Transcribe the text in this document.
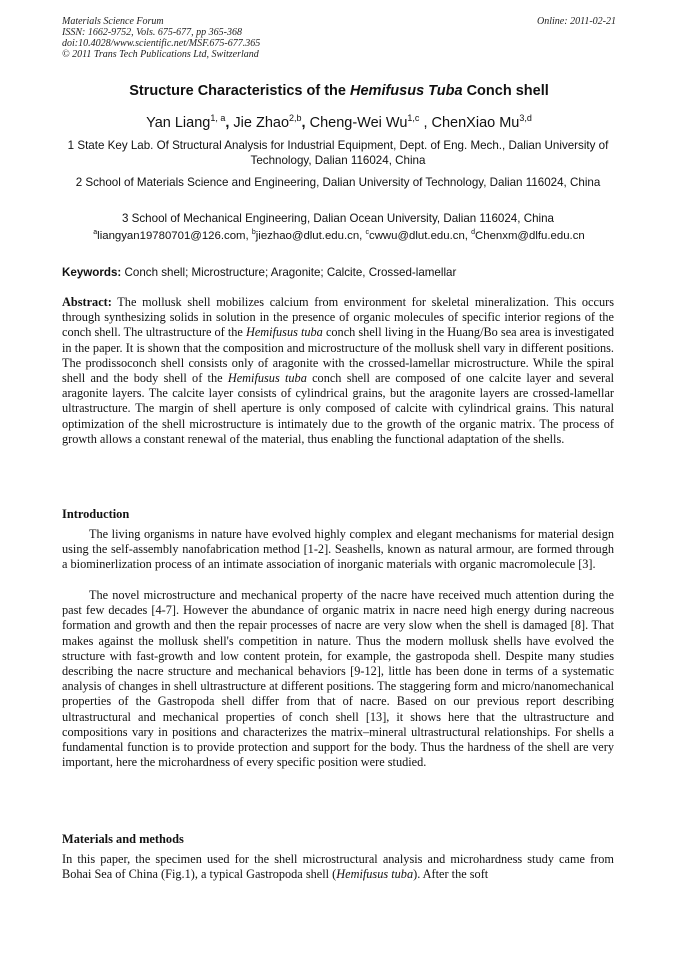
Materials Science Forum
ISSN: 1662-9752, Vols. 675-677, pp 365-368
doi:10.4028/www.scientific.net/MSF.675-677.365
© 2011 Trans Tech Publications Ltd, Switzerland
Online: 2011-02-21
Structure Characteristics of the Hemifusus Tuba Conch shell
Yan Liang$^{1, a}$, Jie Zhao$^{2,b}$, Cheng-Wei Wu$^{1,c}$ , ChenXiao Mu$^{3,d}$
1 State Key Lab. Of Structural Analysis for Industrial Equipment, Dept. of Eng. Mech., Dalian University of Technology, Dalian 116024, China
2 School of Materials Science and Engineering, Dalian University of Technology, Dalian 116024, China
3 School of Mechanical Engineering, Dalian Ocean University, Dalian 116024, China
$^a$liangyan19780701@126.com, $^b$jiezhao@dlut.edu.cn, $^c$cwwu@dlut.edu.cn, $^d$Chenxm@dlfu.edu.cn
Keywords: Conch shell; Microstructure; Aragonite; Calcite, Crossed-lamellar
Abstract: The mollusk shell mobilizes calcium from environment for skeletal mineralization. This occurs through synthesizing solids in solution in the presence of organic molecules of specific interior regions of the conch shell. The ultrastructure of the Hemifusus tuba conch shell living in the Huang/Bo sea area is investigated in the paper. It is shown that the composition and microstructure of the mollusk shell vary in different positions. The prodissoconch shell consists only of aragonite with the crossed-lamellar microstructure. While the spiral shell and the body shell of the Hemifusus tuba conch shell are composed of one calcite layer and several aragonite layers. The calcite layer consists of cylindrical grains, but the aragonite layers are crossed-lamellar ultrastructure. The margin of shell aperture is only composed of calcite with cylindrical grains. This natural optimization of the shell microstructure is intimately due to the growth of the organic matrix. The process of growth allows a constant renewal of the material, thus enabling the functional adaptation of the shells.
Introduction
The living organisms in nature have evolved highly complex and elegant mechanisms for material design using the self-assembly nanofabrication method [1-2]. Seashells, known as natural armour, are formed through a biominerlization process of an intimate association of inorganic materials with organic macromolecule [3].
The novel microstructure and mechanical property of the nacre have received much attention during the past few decades [4-7]. However the abundance of organic matrix in nacre need high energy during nacreous formation and growth and then the repair processes of nacre are very slow when the shell is damaged [8]. That makes against the mollusk shell's competition in nature. Thus the modern mollusk shells have evolved the structure with fast-growth and low content protein, for example, the gastropoda shell. Despite many studies describing the nacre structure and mechanical behaviors [9-12], little has been done in terms of a systematic analysis of changes in shell ultrastructure at different positions. The staggering form and micro/nanomechanical properties of the Gastropoda shell differ from that of nacre. Based on our previous report describing ultrastructural and mechanical properties of conch shell [13], it shows here that the ultrastructure and compositions vary in positions and characterizes the matrix–mineral ultrastructural relationships. For shells a fundamental function is to provide protection and support for the body. Thus the hardness of the shell are very important, here the microhardness of every specific position were studied.
Materials and methods
In this paper, the specimen used for the shell microstructural analysis and microhardness study came from Bohai Sea of China (Fig.1), a typical Gastropoda shell (Hemifusus tuba). After the soft
